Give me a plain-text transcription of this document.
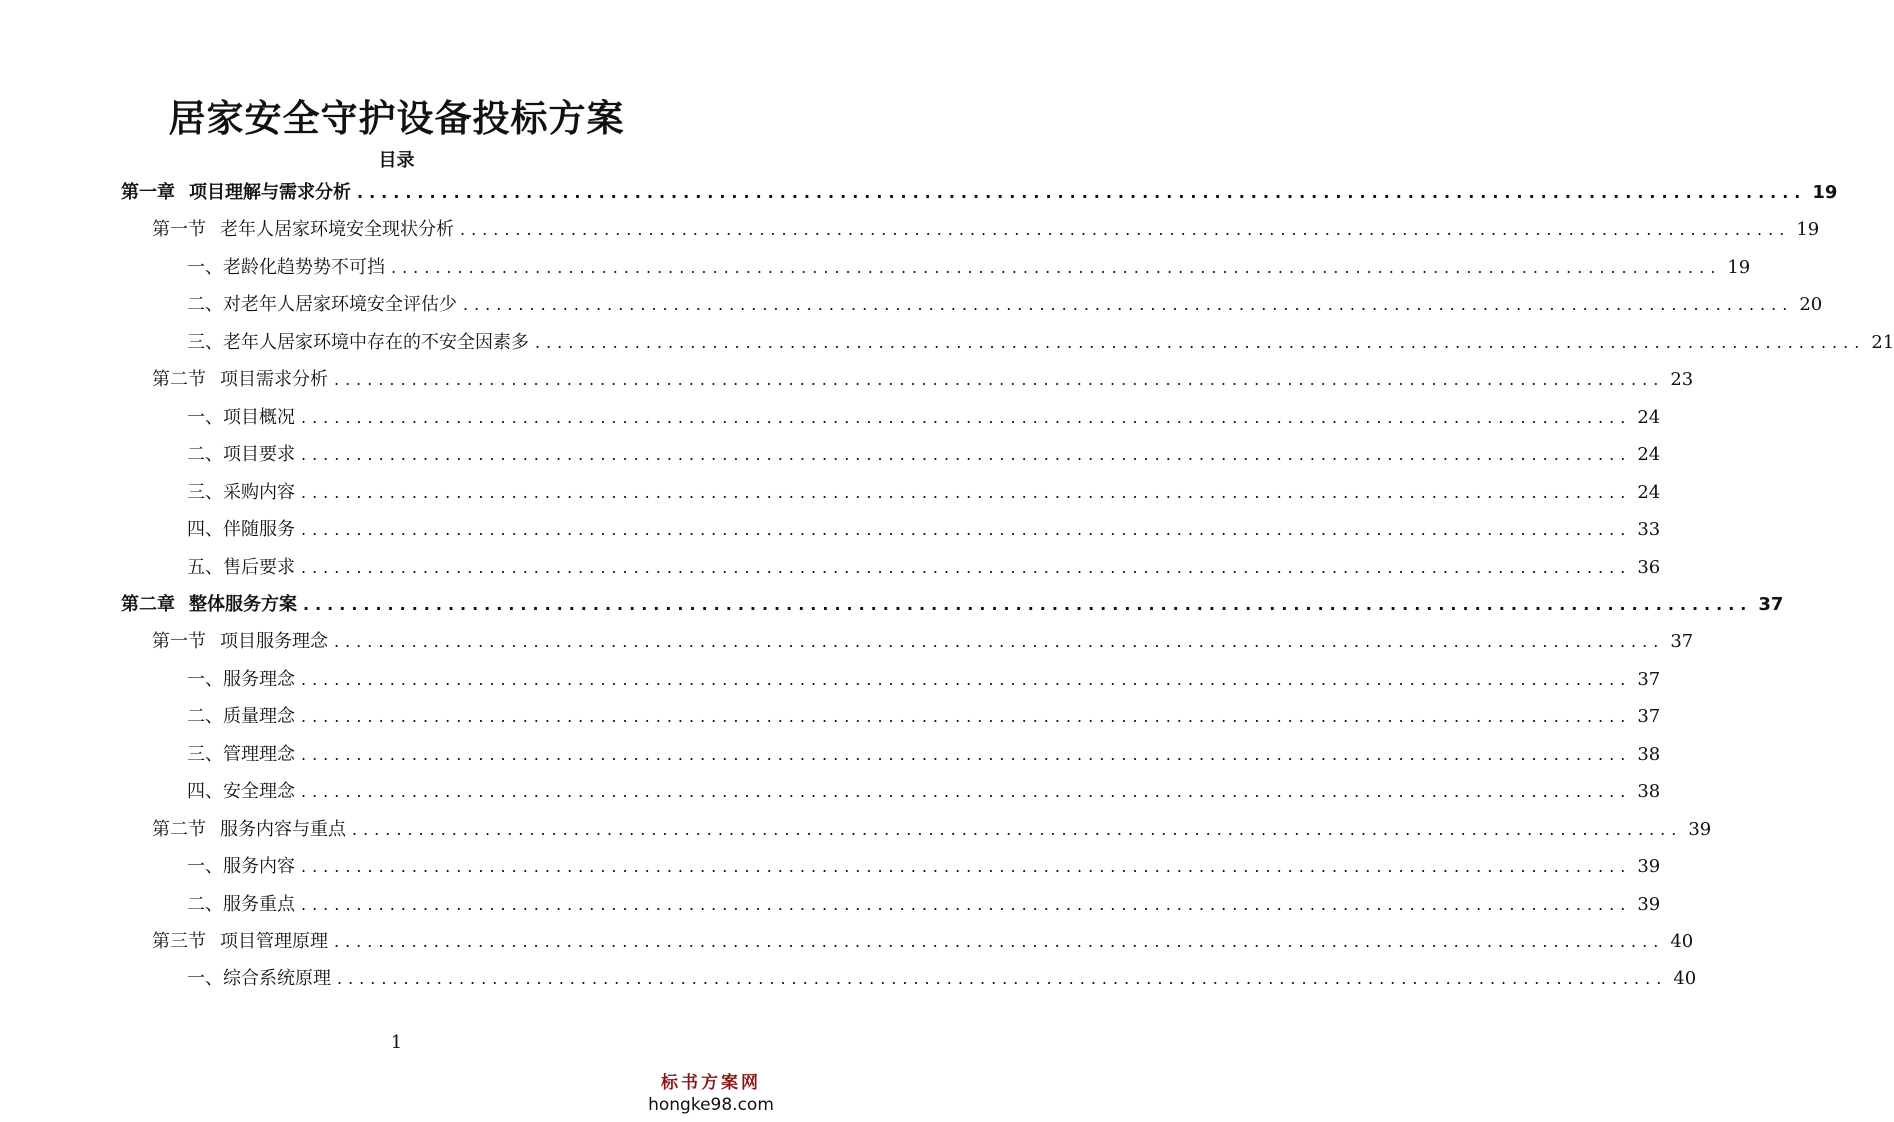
居家安全守护设备投标方案
目录
第一章 项目理解与需求分析 ........................................................................................................................ 19
第一节 老年人居家环境安全现状分析 ........................................................................................................................ 19
一、 老龄化趋势势不可挡 ........................................................................................................................ 19
二、 对老年人居家环境安全评估少 ........................................................................................................................ 20
三、 老年人居家环境中存在的不安全因素多 ........................................................................................................................ 21
第二节 项目需求分析 ........................................................................................................................ 23
一、 项目概况 ........................................................................................................................ 24
二、 项目要求 ........................................................................................................................ 24
三、 采购内容 ........................................................................................................................ 24
四、 伴随服务 ........................................................................................................................ 33
五、 售后要求 ........................................................................................................................ 36
第二章 整体服务方案 ........................................................................................................................ 37
第一节 项目服务理念 ........................................................................................................................ 37
一、 服务理念 ........................................................................................................................ 37
二、 质量理念 ........................................................................................................................ 37
三、 管理理念 ........................................................................................................................ 38
四、 安全理念 ........................................................................................................................ 38
第二节 服务内容与重点 ........................................................................................................................ 39
一、 服务内容 ........................................................................................................................ 39
二、 服务重点 ........................................................................................................................ 39
第三节 项目管理原理 ........................................................................................................................ 40
一、 综合系统原理 ........................................................................................................................ 40
1
标书方案网
hongke98.com
